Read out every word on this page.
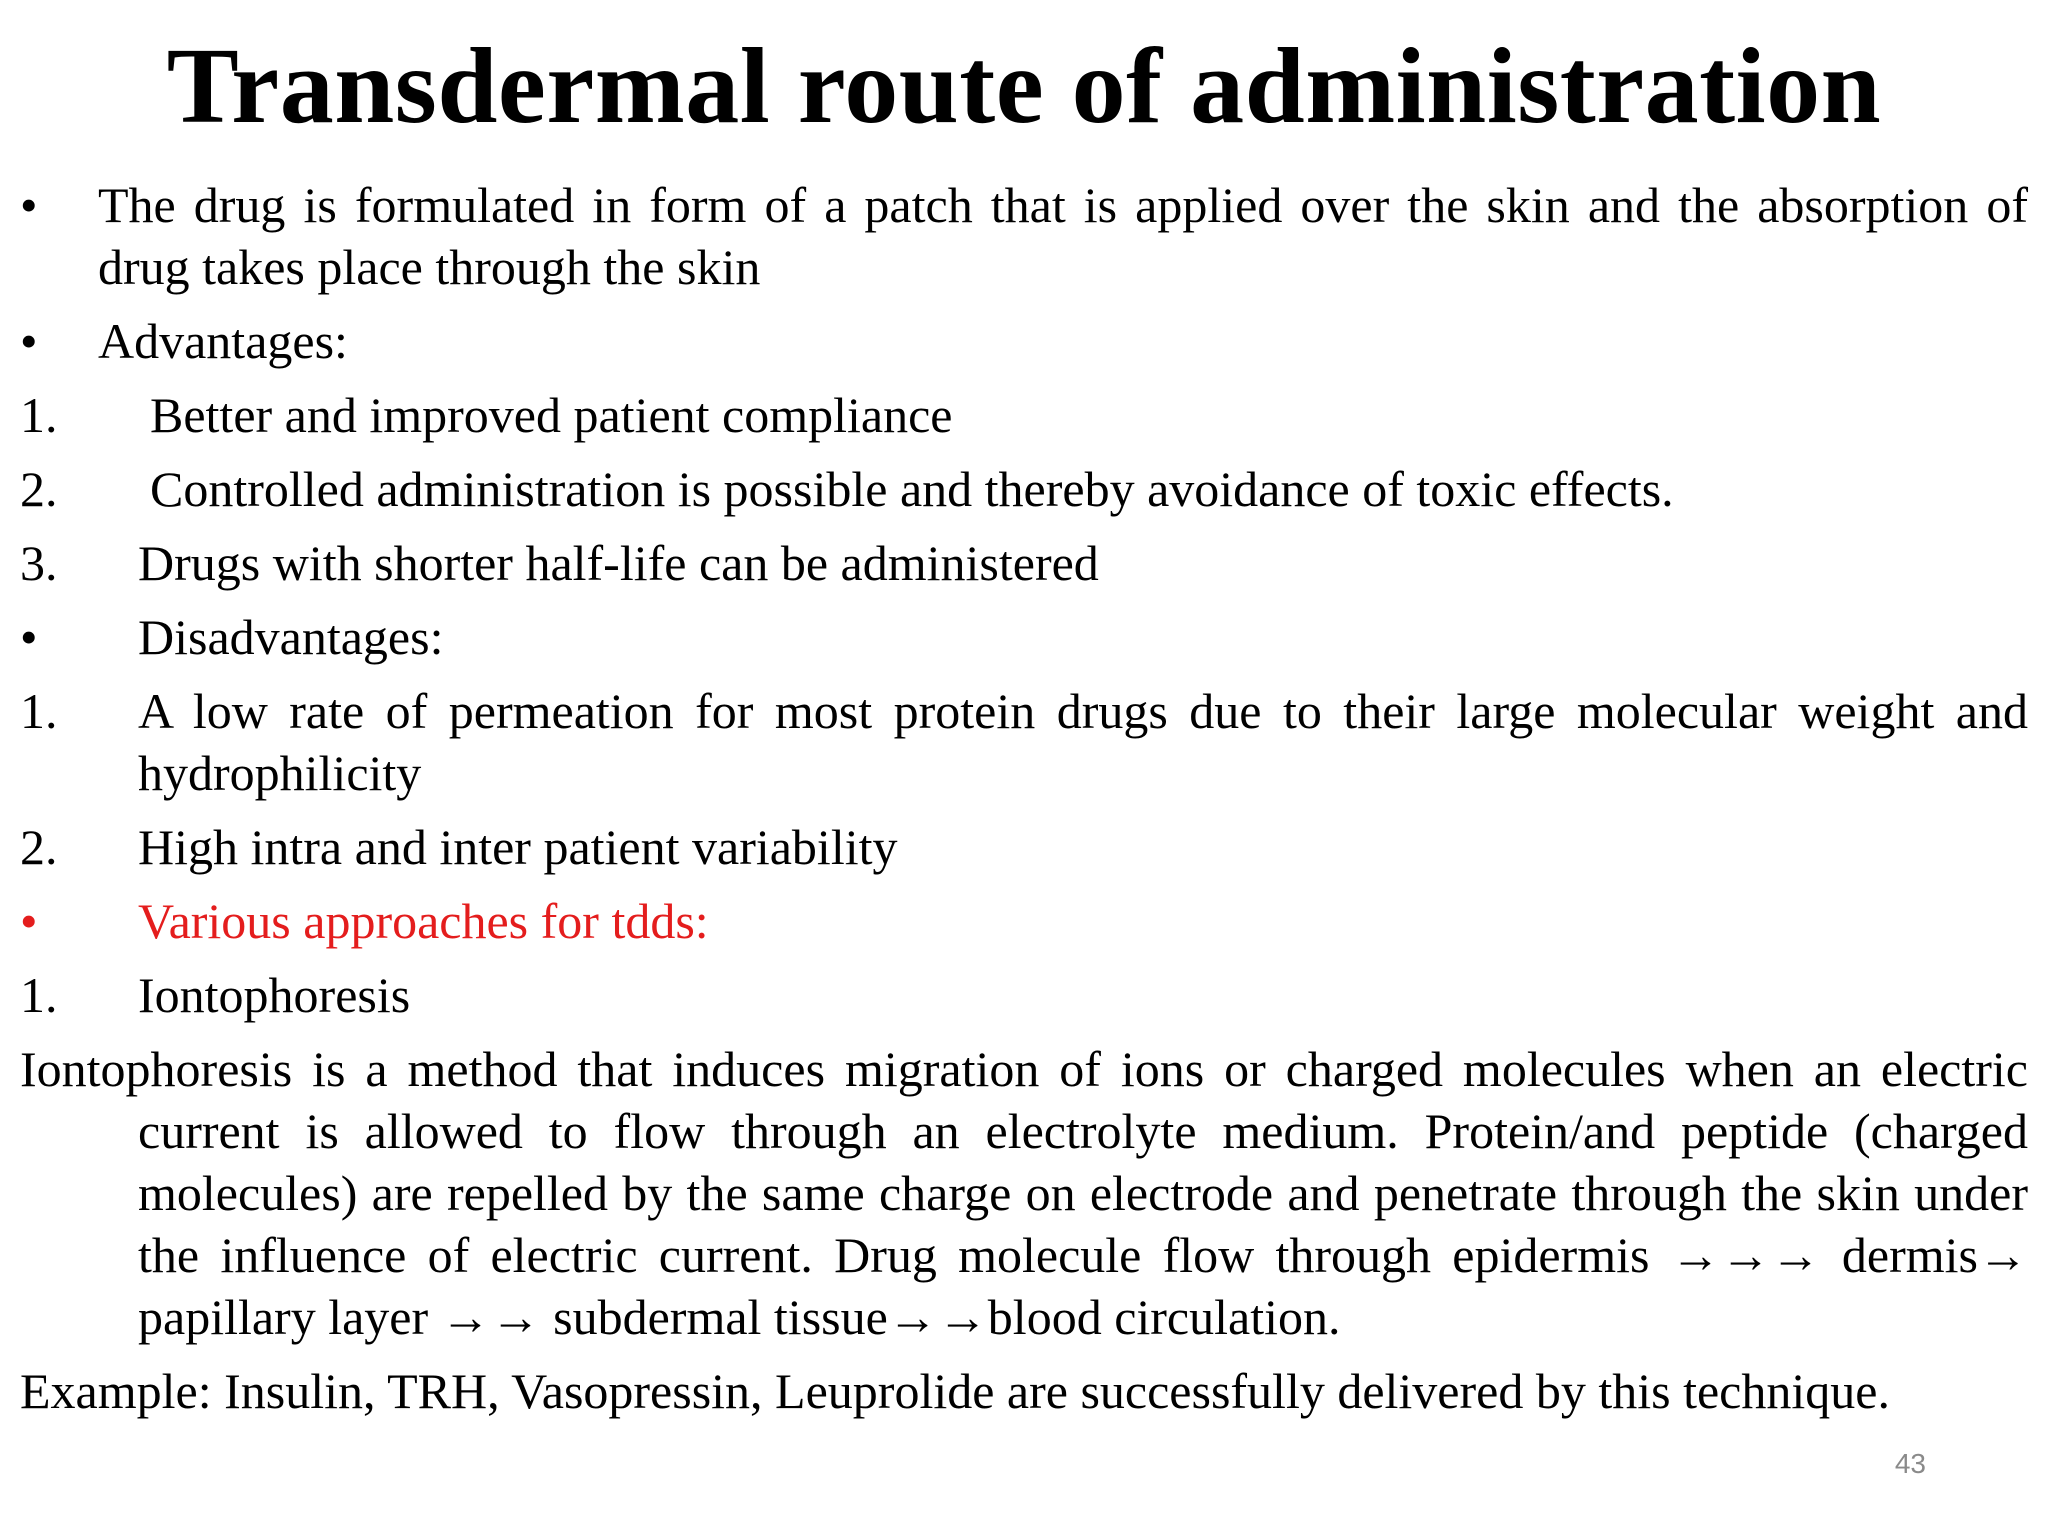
Transdermal route of administration
•	The drug is formulated in form of a patch that is applied over the skin and the absorption of drug takes place through the skin
•	Advantages:
1.	Better and improved patient compliance
2.	Controlled administration is possible and thereby avoidance of toxic effects.
3.	Drugs with shorter half-life can be administered
•	Disadvantages:
1.	A low rate of permeation for most protein drugs due to their large molecular weight and hydrophilicity
2.	High intra and inter patient variability
•	Various approaches for tdds:
1.	Iontophoresis
Iontophoresis is a method that induces migration of ions or charged molecules when an electric current is allowed to flow through an electrolyte medium. Protein/and peptide (charged molecules) are repelled by the same charge on electrode and penetrate through the skin under the influence of electric current. Drug molecule flow through epidermis →→→ dermis→ papillary layer →→ subdermal tissue→→blood circulation.
Example: Insulin, TRH, Vasopressin, Leuprolide are successfully delivered by this technique.
43
